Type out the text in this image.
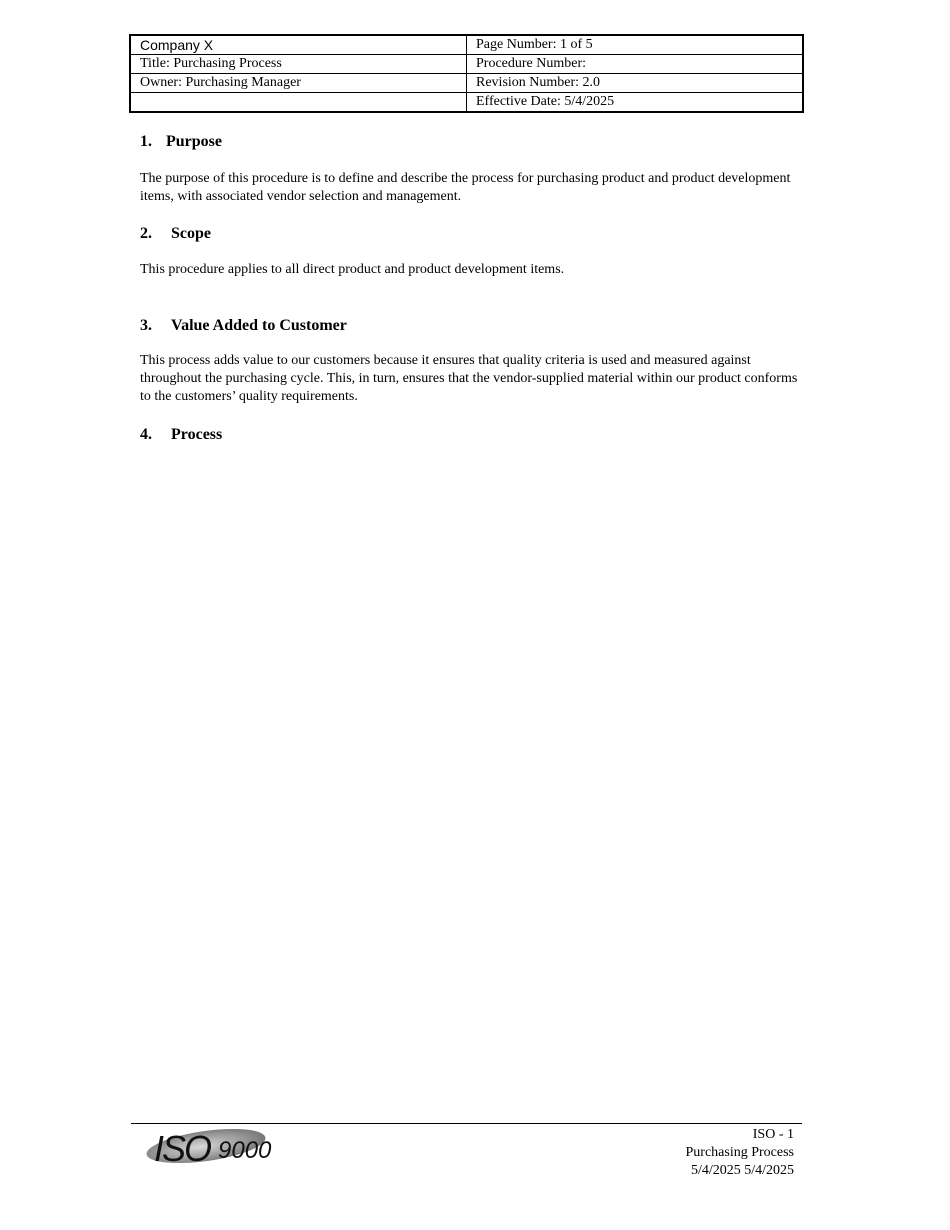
Company X	Page Number: 1 of 5
Title: Purchasing Process	Procedure Number:
Owner: Purchasing Manager	Revision Number: 2.0
	Effective Date: 5/4/2025
1. Purpose

The purpose of this procedure is to define and describe the process for purchasing product and product development items, with associated vendor selection and management.

2. Scope

This procedure applies to all direct product and product development items.

3. Value Added to Customer

This process adds value to our customers because it ensures that quality criteria is used and measured against throughout the purchasing cycle. This, in turn, ensures that the vendor-supplied material within our product conforms to the customers’ quality requirements.

4. Process

ISO 9000
ISO - 1
Purchasing Process
5/4/2025 5/4/2025
